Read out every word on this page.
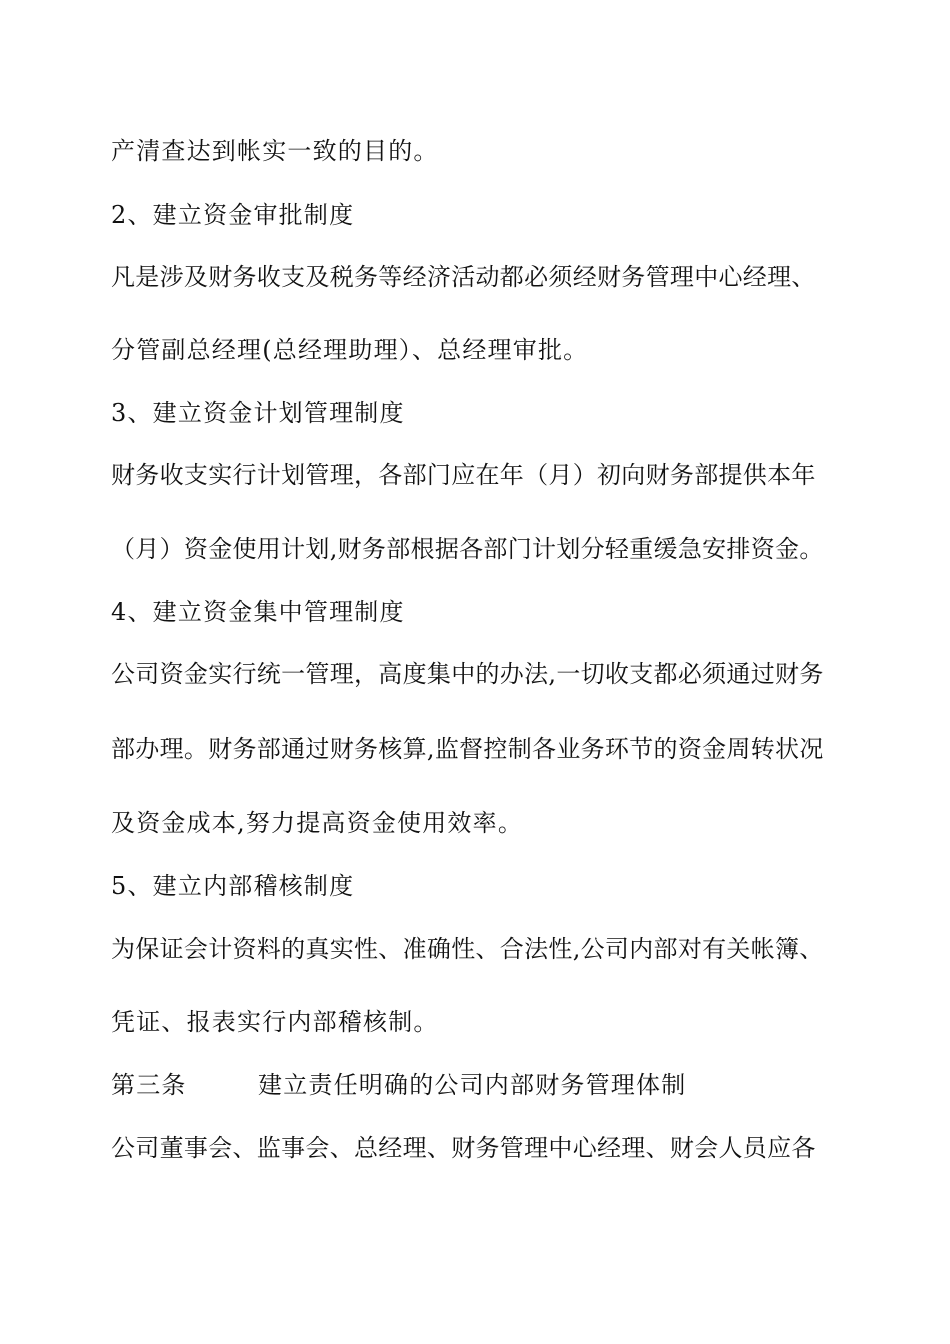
产清查达到帐实一致的目的。
2、建立资金审批制度
凡是涉及财务收支及税务等经济活动都必须经财务管理中心经理、
分管副总经理(总经理助理）、总经理审批。
3、建立资金计划管理制度
财务收支实行计划管理，各部门应在年（月）初向财务部提供本年
（月）资金使用计划,财务部根据各部门计划分轻重缓急安排资金。
4、建立资金集中管理制度
公司资金实行统一管理，高度集中的办法,一切收支都必须通过财务
部办理。财务部通过财务核算,监督控制各业务环节的资金周转状况
及资金成本,努力提高资金使用效率。
5、建立内部稽核制度
为保证会计资料的真实性、准确性、合法性,公司内部对有关帐簿、
凭证、报表实行内部稽核制。
第三条	建立责任明确的公司内部财务管理体制
公司董事会、监事会、总经理、财务管理中心经理、财会人员应各
